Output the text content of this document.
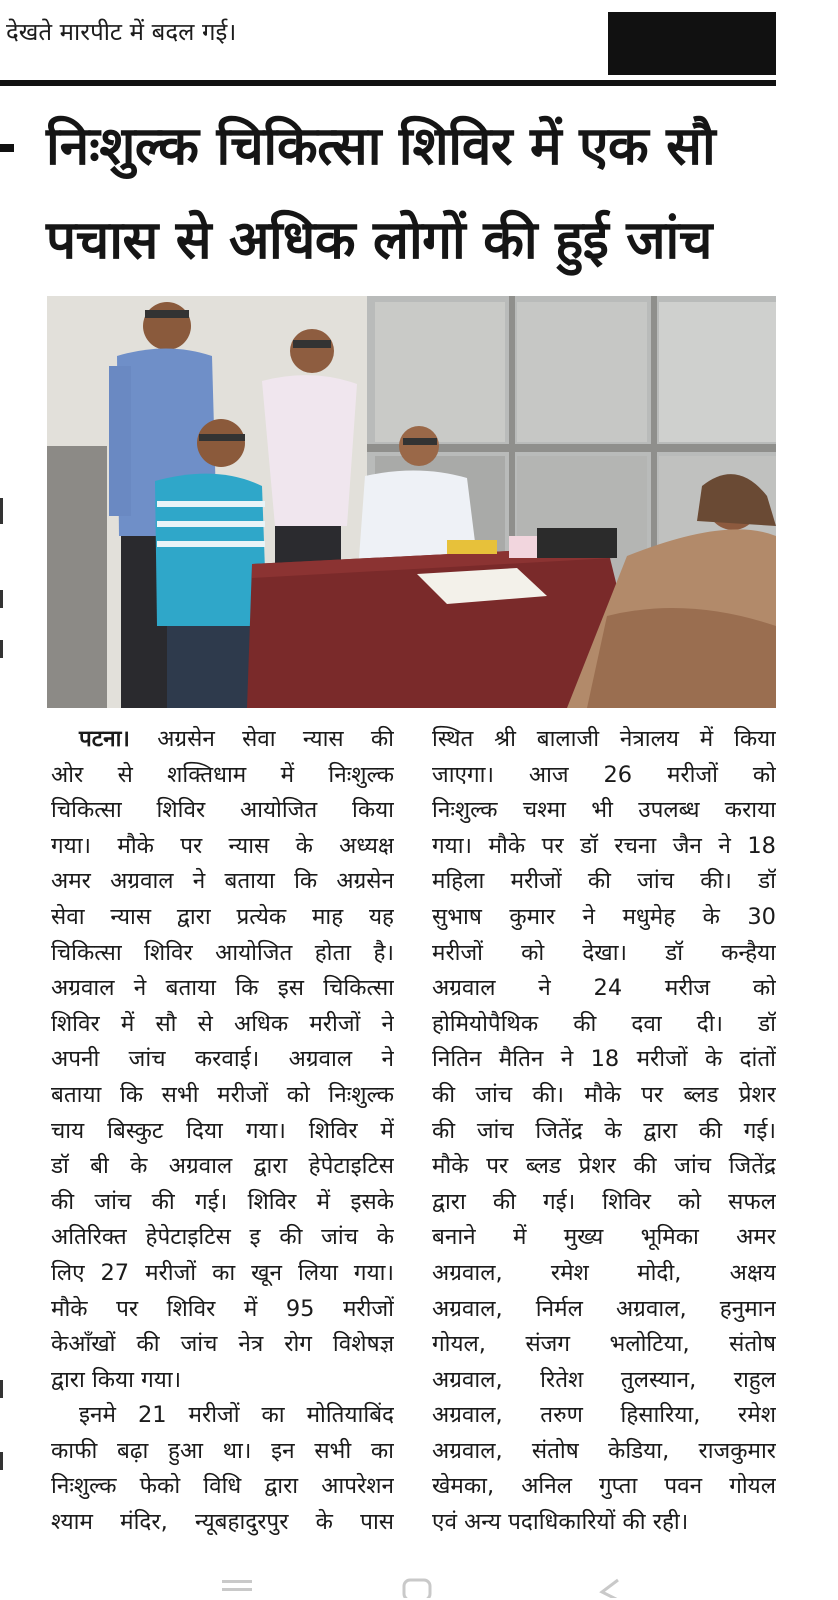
देखते मारपीट में बदल गई।
निःशुल्क चिकित्सा शिविर में एक सौ
पचास से अधिक लोगों की हुई जांच
पटना। अग्रसेन सेवा न्यास की
ओर से शक्तिधाम में निःशुल्क
चिकित्सा शिविर आयोजित किया
गया। मौके पर न्यास के अध्यक्ष
अमर अग्रवाल ने बताया कि अग्रसेन
सेवा न्यास द्वारा प्रत्येक माह यह
चिकित्सा शिविर आयोजित होता है।
अग्रवाल ने बताया कि इस चिकित्सा
शिविर में सौ से अधिक मरीजों ने
अपनी जांच करवाई। अग्रवाल ने
बताया कि सभी मरीजों को निःशुल्क
चाय बिस्कुट दिया गया। शिविर में
डॉ बी के अग्रवाल द्वारा हेपेटाइटिस
की जांच की गई। शिविर में इसके
अतिरिक्त हेपेटाइटिस इ की जांच के
लिए 27 मरीजों का खून लिया गया।
मौके पर शिविर में 95 मरीजों
केआँखों की जांच नेत्र रोग विशेषज्ञ
द्वारा किया गया।
इनमे 21 मरीजों का मोतियाबिंद
काफी बढ़ा हुआ था। इन सभी का
निःशुल्क फेको विधि द्वारा आपरेशन
श्याम मंदिर, न्यूबहादुरपुर के पास
स्थित श्री बालाजी नेत्रालय में किया
जाएगा। आज 26 मरीजों को
निःशुल्क चश्मा भी उपलब्ध कराया
गया। मौके पर डॉ रचना जैन ने 18
महिला मरीजों की जांच की। डॉ
सुभाष कुमार ने मधुमेह के 30
मरीजों को देखा। डॉ कन्हैया
अग्रवाल ने 24 मरीज को
होमियोपैथिक की दवा दी। डॉ
नितिन मैतिन ने 18 मरीजों के दांतों
की जांच की। मौके पर ब्लड प्रेशर
की जांच जितेंद्र के द्वारा की गई।
मौके पर ब्लड प्रेशर की जांच जितेंद्र
द्वारा की गई। शिविर को सफल
बनाने में मुख्य भूमिका अमर
अग्रवाल, रमेश मोदी, अक्षय
अग्रवाल, निर्मल अग्रवाल, हनुमान
गोयल, संजग भलोटिया, संतोष
अग्रवाल, रितेश तुलस्यान, राहुल
अग्रवाल, तरुण हिसारिया, रमेश
अग्रवाल, संतोष केडिया, राजकुमार
खेमका, अनिल गुप्ता पवन गोयल
एवं अन्य पदाधिकारियों की रही।
